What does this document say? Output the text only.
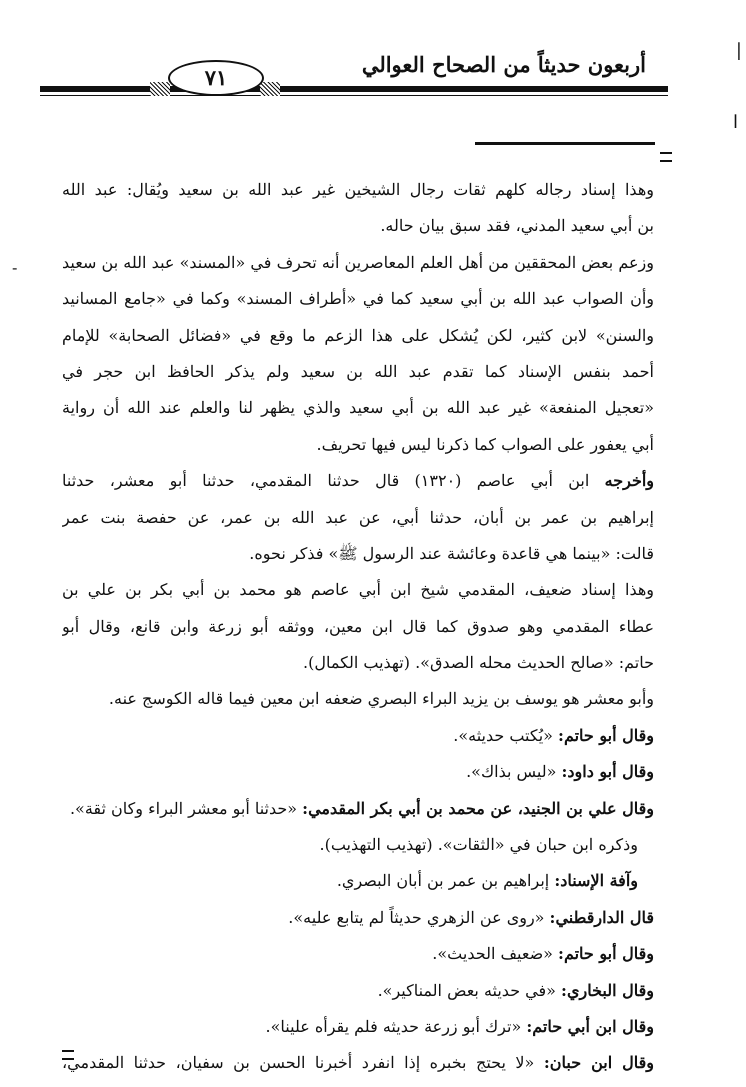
أربعون حديثاً من الصحاح العوالي
٧١
|
ا
-
وهذا إسناد رجاله كلهم ثقات رجال الشيخين غير عبد الله بن سعيد ويُقال: عبد الله
بن أبي سعيد المدني، فقد سبق بيان حاله.
وزعم بعض المحققين من أهل العلم المعاصرين أنه تحرف في «المسند» عبد الله بن سعيد
وأن الصواب عبد الله بن أبي سعيد كما في «أطراف المسند» وكما في «جامع المسانيد
والسنن» لابن كثير، لكن يُشكل على هذا الزعم ما وقع في «فضائل الصحابة» للإمام
أحمد بنفس الإسناد كما تقدم عبد الله بن سعيد ولم يذكر الحافظ ابن حجر في
«تعجيل المنفعة» غير عبد الله بن أبي سعيد والذي يظهر لنا والعلم عند الله أن رواية
أبي يعفور على الصواب كما ذكرنا ليس فيها تحريف.
وأخرجه ابن أبي عاصم (١٣٢٠) قال حدثنا المقدمي، حدثنا أبو معشر، حدثنا
إبراهيم بن عمر بن أبان، حدثنا أبي، عن عبد الله بن عمر، عن حفصة بنت عمر
قالت: «بينما هي قاعدة وعائشة عند الرسول ﷺ» فذكر نحوه.
وهذا إسناد ضعيف، المقدمي شيخ ابن أبي عاصم هو محمد بن أبي بكر بن علي بن
عطاء المقدمي وهو صدوق كما قال ابن معين، ووثقه أبو زرعة وابن قانع، وقال أبو
حاتم: «صالح الحديث محله الصدق». (تهذيب الكمال).
وأبو معشر هو يوسف بن يزيد البراء البصري ضعفه ابن معين فيما قاله الكوسج عنه.
وقال أبو حاتم: «يُكتب حديثه».
وقال أبو داود: «ليس بذاك».
وقال علي بن الجنيد، عن محمد بن أبي بكر المقدمي: «حدثنا أبو معشر البراء وكان ثقة».
وذكره ابن حبان في «الثقات». (تهذيب التهذيب).
وآفة الإسناد: إبراهيم بن عمر بن أبان البصري.
قال الدارقطني: «روى عن الزهري حديثاً لم يتابع عليه».
وقال أبو حاتم: «ضعيف الحديث».
وقال البخاري: «في حديثه بعض المناكير».
وقال ابن أبي حاتم: «ترك أبو زرعة حديثه فلم يقرأه علينا».
وقال ابن حبان: «لا يحتج بخبره إذا انفرد أخبرنا الحسن بن سفيان، حدثنا المقدمي،
